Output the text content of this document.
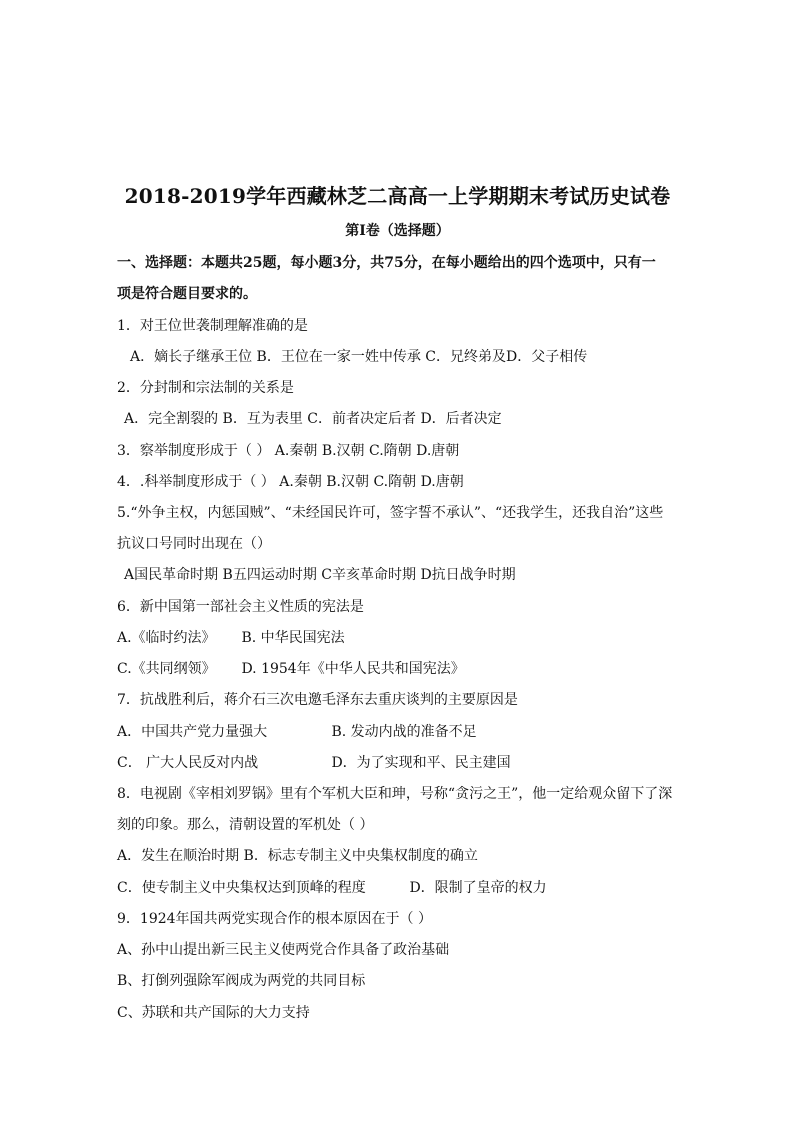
2018-2019学年西藏林芝二高高一上学期期末考试历史试卷
第I卷（选择题）
一、选择题：本题共25题，每小题3分，共75分，在每小题给出的四个选项中，只有一
项是符合题目要求的。
1．对王位世袭制理解准确的是
A．嫡长子继承王位 B．王位在一家一姓中传承 C．兄终弟及D．父子相传
2．分封制和宗法制的关系是
A．完全割裂的 B．互为表里 C．前者决定后者 D．后者决定
3．察举制度形成于（ ） A.秦朝 B.汉朝 C.隋朝 D.唐朝
4．.科举制度形成于（ ） A.秦朝 B.汉朝 C.隋朝 D.唐朝
5.“外争主权，内惩国贼”、“未经国民许可，签字誓不承认”、“还我学生，还我自治”这些
抗议口号同时出现在（）
A国民革命时期 B五四运动时期 C辛亥革命时期 D抗日战争时期
6．新中国第一部社会主义性质的宪法是
A.《临时约法》 B. 中华民国宪法
C.《共同纲领》 D. 1954年《中华人民共和国宪法》
7．抗战胜利后，蒋介石三次电邀毛泽东去重庆谈判的主要原因是
A．中国共产党力量强大	B. 发动内战的准备不足
C． 广大人民反对内战	D．为了实现和平、民主建国
8．电视剧《宰相刘罗锅》里有个军机大臣和珅，号称“贪污之王”，他一定给观众留下了深
刻的印象。那么，清朝设置的军机处（ ）
A．发生在顺治时期 B．标志专制主义中央集权制度的确立
C．使专制主义中央集权达到顶峰的程度	D．限制了皇帝的权力
9．1924年国共两党实现合作的根本原因在于（ ）
A、孙中山提出新三民主义使两党合作具备了政治基础
B、打倒列强除军阀成为两党的共同目标
C、苏联和共产国际的大力支持
